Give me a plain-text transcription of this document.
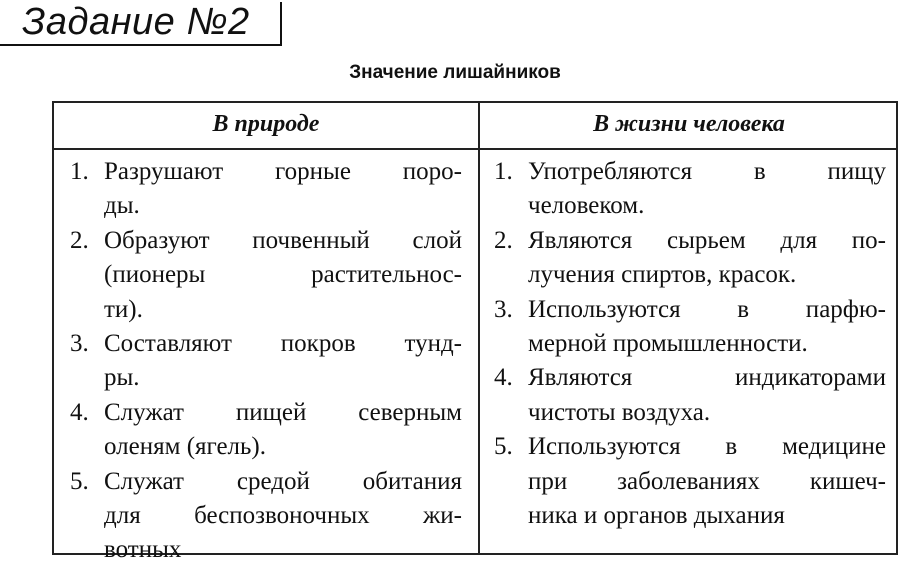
Задание №2
Значение лишайников
В природе	В жизни человека
1. Разрушают горные поро-
ды.
2. Образуют почвенный слой
(пионеры растительнос-
ти).
3. Составляют покров тунд-
ры.
4. Служат пищей северным
оленям (ягель).
5. Служат средой обитания
для беспозвоночных жи-
вотных
1. Употребляются в пищу
человеком.
2. Являются сырьем для по-
лучения спиртов, красок.
3. Используются в парфю-
мерной промышленности.
4. Являются индикаторами
чистоты воздуха.
5. Используются в медицине
при заболеваниях кишеч-
ника и органов дыхания
